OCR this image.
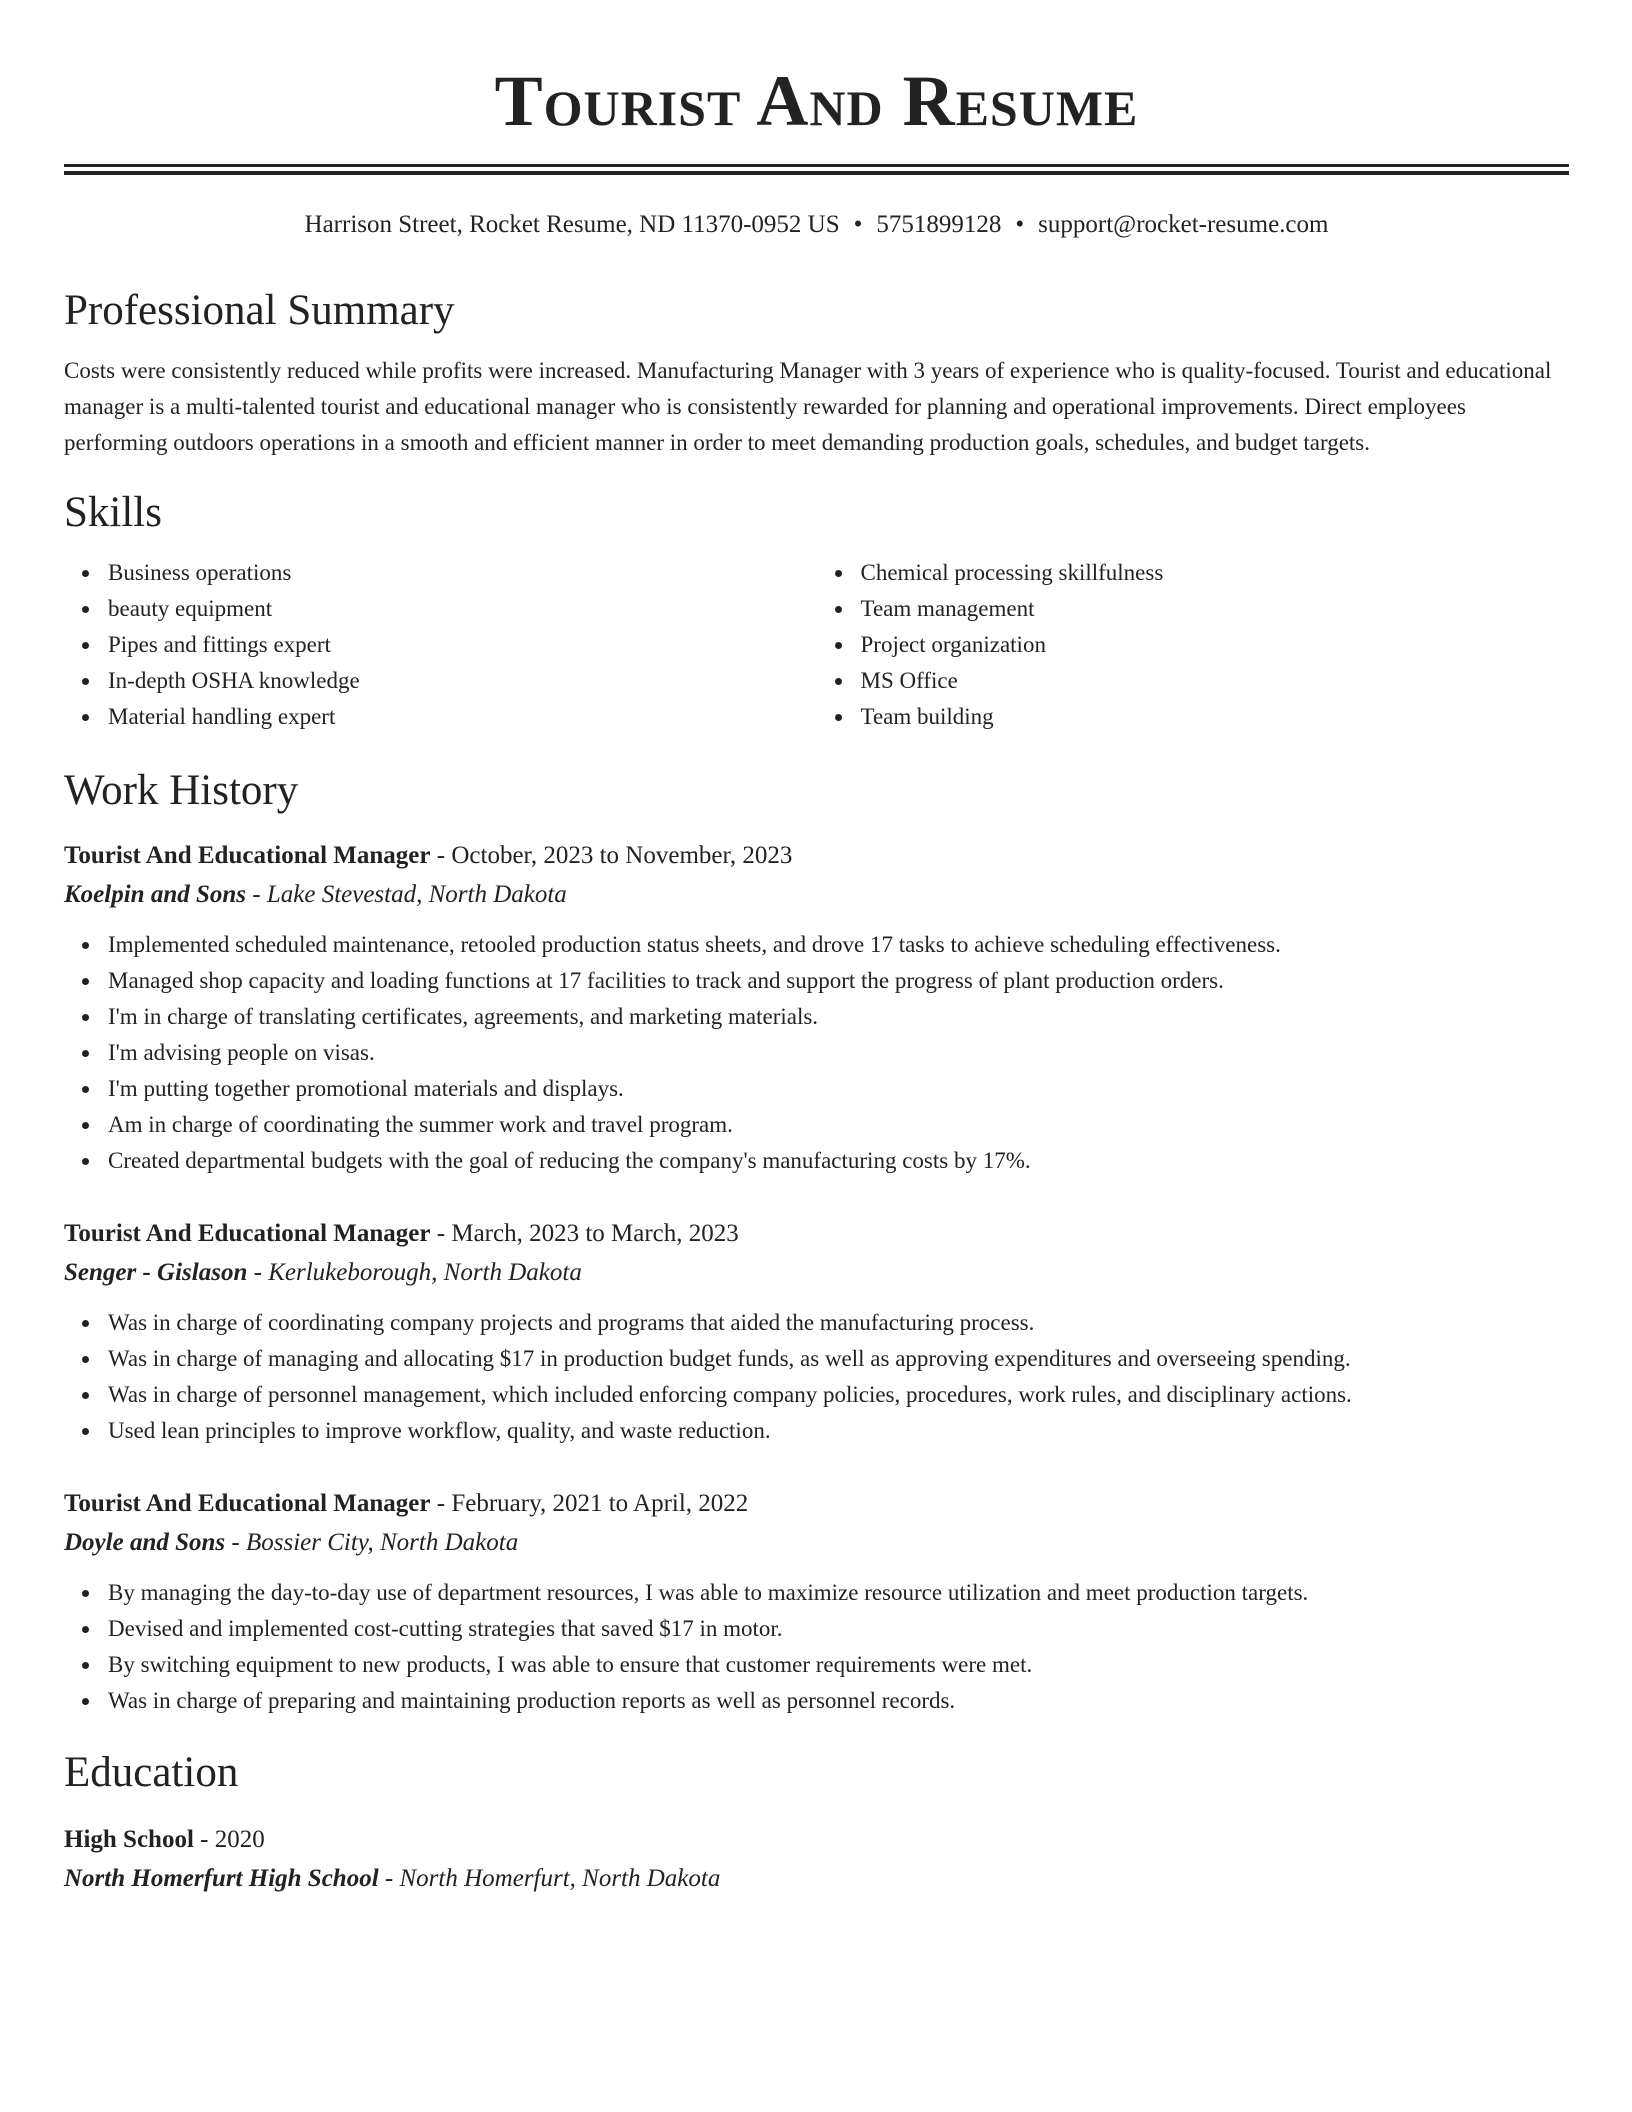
Tourist And Resume
Harrison Street, Rocket Resume, ND 11370-0952 US • 5751899128 • support@rocket-resume.com
Professional Summary
Costs were consistently reduced while profits were increased. Manufacturing Manager with 3 years of experience who is quality-focused. Tourist and educational manager is a multi-talented tourist and educational manager who is consistently rewarded for planning and operational improvements. Direct employees performing outdoors operations in a smooth and efficient manner in order to meet demanding production goals, schedules, and budget targets.
Skills
Business operations
beauty equipment
Pipes and fittings expert
In-depth OSHA knowledge
Material handling expert
Chemical processing skillfulness
Team management
Project organization
MS Office
Team building
Work History
Tourist And Educational Manager - October, 2023 to November, 2023
Koelpin and Sons - Lake Stevestad, North Dakota
Implemented scheduled maintenance, retooled production status sheets, and drove 17 tasks to achieve scheduling effectiveness.
Managed shop capacity and loading functions at 17 facilities to track and support the progress of plant production orders.
I'm in charge of translating certificates, agreements, and marketing materials.
I'm advising people on visas.
I'm putting together promotional materials and displays.
Am in charge of coordinating the summer work and travel program.
Created departmental budgets with the goal of reducing the company's manufacturing costs by 17%.
Tourist And Educational Manager - March, 2023 to March, 2023
Senger - Gislason - Kerlukeborough, North Dakota
Was in charge of coordinating company projects and programs that aided the manufacturing process.
Was in charge of managing and allocating $17 in production budget funds, as well as approving expenditures and overseeing spending.
Was in charge of personnel management, which included enforcing company policies, procedures, work rules, and disciplinary actions.
Used lean principles to improve workflow, quality, and waste reduction.
Tourist And Educational Manager - February, 2021 to April, 2022
Doyle and Sons - Bossier City, North Dakota
By managing the day-to-day use of department resources, I was able to maximize resource utilization and meet production targets.
Devised and implemented cost-cutting strategies that saved $17 in motor.
By switching equipment to new products, I was able to ensure that customer requirements were met.
Was in charge of preparing and maintaining production reports as well as personnel records.
Education
High School - 2020
North Homerfurt High School - North Homerfurt, North Dakota
